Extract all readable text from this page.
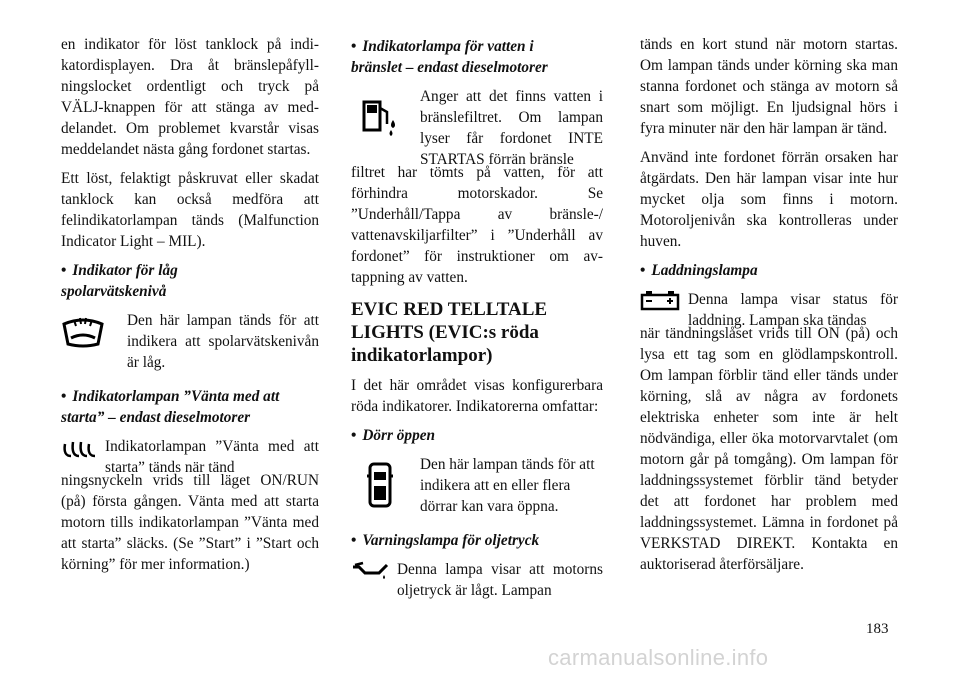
en indikator för löst tanklock på indikatordisplayen. Dra åt bränslepåfyllningslocket ordentligt och tryck på VÄLJ-knappen för att stänga av meddelandet. Om problemet kvarstår visas meddelandet nästa gång fordonet startas.

Ett löst, felaktigt påskruvat eller skadat tanklock kan också medföra att felindikatorlampan tänds (Malfunction Indicator Light – MIL).

• Indikator för låg
spolarvätskenivå

Den här lampan tänds för att indikera att spolarvätskenivån är låg.

• Indikatorlampan ”Vänta med att
starta” – endast dieselmotorer

Indikatorlampan ”Vänta med att starta” tänds när tänd

ningsnyckeln vrids till läget ON/RUN (på) första gången. Vänta med att starta motorn tills indikatorlampan ”Vänta med att starta” släcks. (Se ”Start” i ”Start och körning” för mer information.)

• Indikatorlampa för vatten i
bränslet – endast dieselmotorer

Anger att det finns vatten i bränslefiltret. Om lampan lyser får fordonet INTE STARTAS förrän bränsle

filtret har tömts på vatten, för att förhindra motorskador. Se ”Underhåll/Tappa av bränsle-/ vattenavskiljarfilter” i ”Underhåll av fordonet” för instruktioner om avtappning av vatten.

EVIC RED TELLTALE LIGHTS (EVIC:s röda indikatorlampor)

I det här området visas konfigurerbara röda indikatorer. Indikatorerna omfattar:

• Dörr öppen

Den här lampan tänds för att indikera att en eller flera dörrar kan vara öppna.

• Varningslampa för oljetryck

Denna lampa visar att motorns oljetryck är lågt. Lampan

tänds en kort stund när motorn startas. Om lampan tänds under körning ska man stanna fordonet och stänga av motorn så snart som möjligt. En ljudsignal hörs i fyra minuter när den här lampan är tänd.

Använd inte fordonet förrän orsaken har åtgärdats. Den här lampan visar inte hur mycket olja som finns i motorn. Motoroljenivån ska kontrolleras under huven.

• Laddningslampa

Denna lampa visar status för laddning. Lampan ska tändas

när tändningslåset vrids till ON (på) och lysa ett tag som en glödlampskontroll. Om lampan förblir tänd eller tänds under körning, slå av några av fordonets elektriska enheter som inte är helt nödvändiga, eller öka motorvarvtalet (om motorn går på tomgång). Om lampan för laddningssystemet förblir tänd betyder det att fordonet har problem med laddningssystemet. Lämna in fordonet på VERKSTAD DIREKT. Kontakta en auktoriserad återförsäljare.

183
carmanualsonline.info
